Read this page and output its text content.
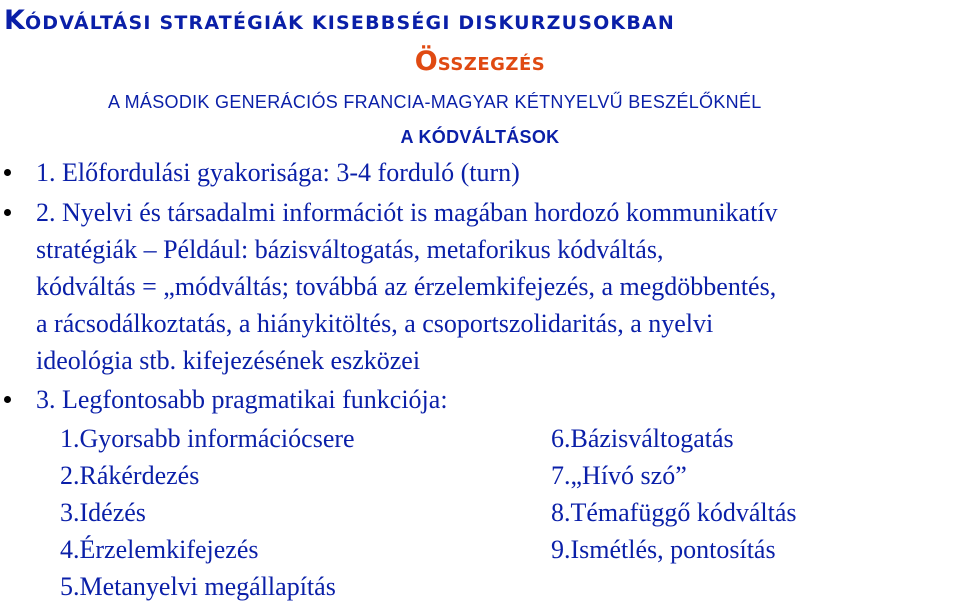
KÓDVÁLTÁSI STRATÉGIÁK KISEBBSÉGI DISKURZUSOKBAN
ÖSSZEGZÉS
A MÁSODIK GENERÁCIÓS FRANCIA-MAGYAR KÉTNYELVŰ BESZÉLŐKNÉL
A KÓDVÁLTÁSOK
1. Előfordulási gyakorisága: 3-4 forduló (turn)
2. Nyelvi és társadalmi információt is magában hordozó kommunikatív
stratégiák – Például: bázisváltogatás, metaforikus kódváltás,
kódváltás = „módváltás; továbbá az érzelemkifejezés, a megdöbbentés,
a rácsodálkoztatás, a hiánykitöltés, a csoportszolidaritás, a nyelvi
ideológia stb. kifejezésének eszközei
3. Legfontosabb pragmatikai funkciója:
1.Gyorsabb információcsere	6.Bázisváltogatás
2.Rákérdezés	7.„Hívó szó”
3.Idézés	8.Témafüggő kódváltás
4.Érzelemkifejezés	9.Ismétlés, pontosítás
5.Metanyelvi megállapítás
